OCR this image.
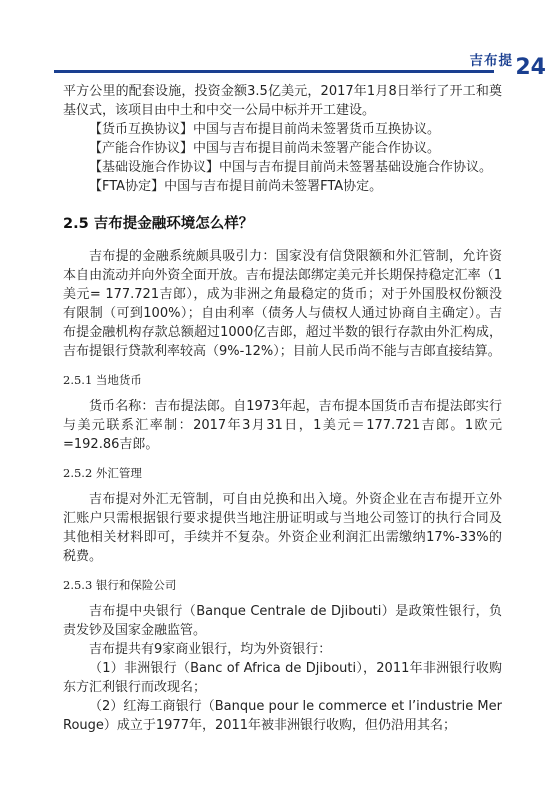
吉布提 24

平方公里的配套设施，投资金额3.5亿美元，2017年1月8日举行了开工和奠基仪式，该项目由中土和中交一公局中标并开工建设。

【货币互换协议】中国与吉布提目前尚未签署货币互换协议。

【产能合作协议】中国与吉布提目前尚未签署产能合作协议。

【基础设施合作协议】中国与吉布提目前尚未签署基础设施合作协议。

【FTA协定】中国与吉布提目前尚未签署FTA协定。

2.5 吉布提金融环境怎么样？

吉布提的金融系统颇具吸引力：国家没有信贷限额和外汇管制，允许资本自由流动并向外资全面开放。吉布提法郎绑定美元并长期保持稳定汇率（1美元= 177.721吉郎），成为非洲之角最稳定的货币；对于外国股权份额没有限制（可到100%）；自由利率（债务人与债权人通过协商自主确定）。吉布提金融机构存款总额超过1000亿吉郎，超过半数的银行存款由外汇构成，吉布提银行贷款利率较高（9%-12%）；目前人民币尚不能与吉郎直接结算。

2.5.1 当地货币

货币名称：吉布提法郎。自1973年起，吉布提本国货币吉布提法郎实行与美元联系汇率制：2017年3月31日，1美元＝177.721吉郎。1欧元=192.86吉郎。

2.5.2 外汇管理

吉布提对外汇无管制，可自由兑换和出入境。外资企业在吉布提开立外汇账户只需根据银行要求提供当地注册证明或与当地公司签订的执行合同及其他相关材料即可，手续并不复杂。外资企业利润汇出需缴纳17%-33%的税费。

2.5.3 银行和保险公司

吉布提中央银行（Banque Centrale de Djibouti）是政策性银行，负责发钞及国家金融监管。

吉布提共有9家商业银行，均为外资银行：

（1）非洲银行（Banc of Africa de Djibouti），2011年非洲银行收购东方汇利银行而改现名；

（2）红海工商银行（Banque pour le commerce et l’industrie Mer Rouge）成立于1977年，2011年被非洲银行收购，但仍沿用其名；
